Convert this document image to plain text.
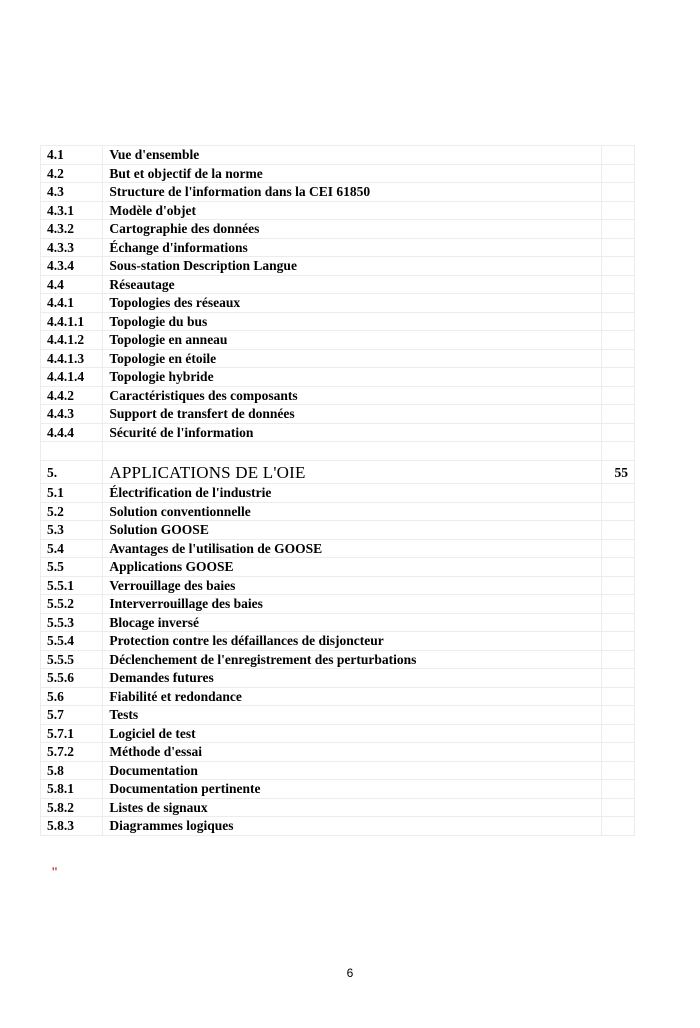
4.1	Vue d'ensemble	
4.2	But et objectif de la norme	
4.3	Structure de l'information dans la CEI 61850	
4.3.1	Modèle d'objet	
4.3.2	Cartographie des données	
4.3.3	Échange d'informations	
4.3.4	Sous-station Description Langue	
4.4	Réseautage	
4.4.1	Topologies des réseaux	
4.4.1.1	Topologie du bus	
4.4.1.2	Topologie en anneau	
4.4.1.3	Topologie en étoile	
4.4.1.4	Topologie hybride	
4.4.2	Caractéristiques des composants	
4.4.3	Support de transfert de données	
4.4.4	Sécurité de l'information	

5.	APPLICATIONS DE L'OIE	55
5.1	Électrification de l'industrie	
5.2	Solution conventionnelle	
5.3	Solution GOOSE	
5.4	Avantages de l'utilisation de GOOSE	
5.5	Applications GOOSE	
5.5.1	Verrouillage des baies	
5.5.2	Interverrouillage des baies	
5.5.3	Blocage inversé	
5.5.4	Protection contre les défaillances de disjoncteur	
5.5.5	Déclenchement de l'enregistrement des perturbations	
5.5.6	Demandes futures	
5.6	Fiabilité et redondance	
5.7	Tests	
5.7.1	Logiciel de test	
5.7.2	Méthode d'essai	
5.8	Documentation	
5.8.1	Documentation pertinente	
5.8.2	Listes de signaux	
5.8.3	Diagrammes logiques	
"
6
